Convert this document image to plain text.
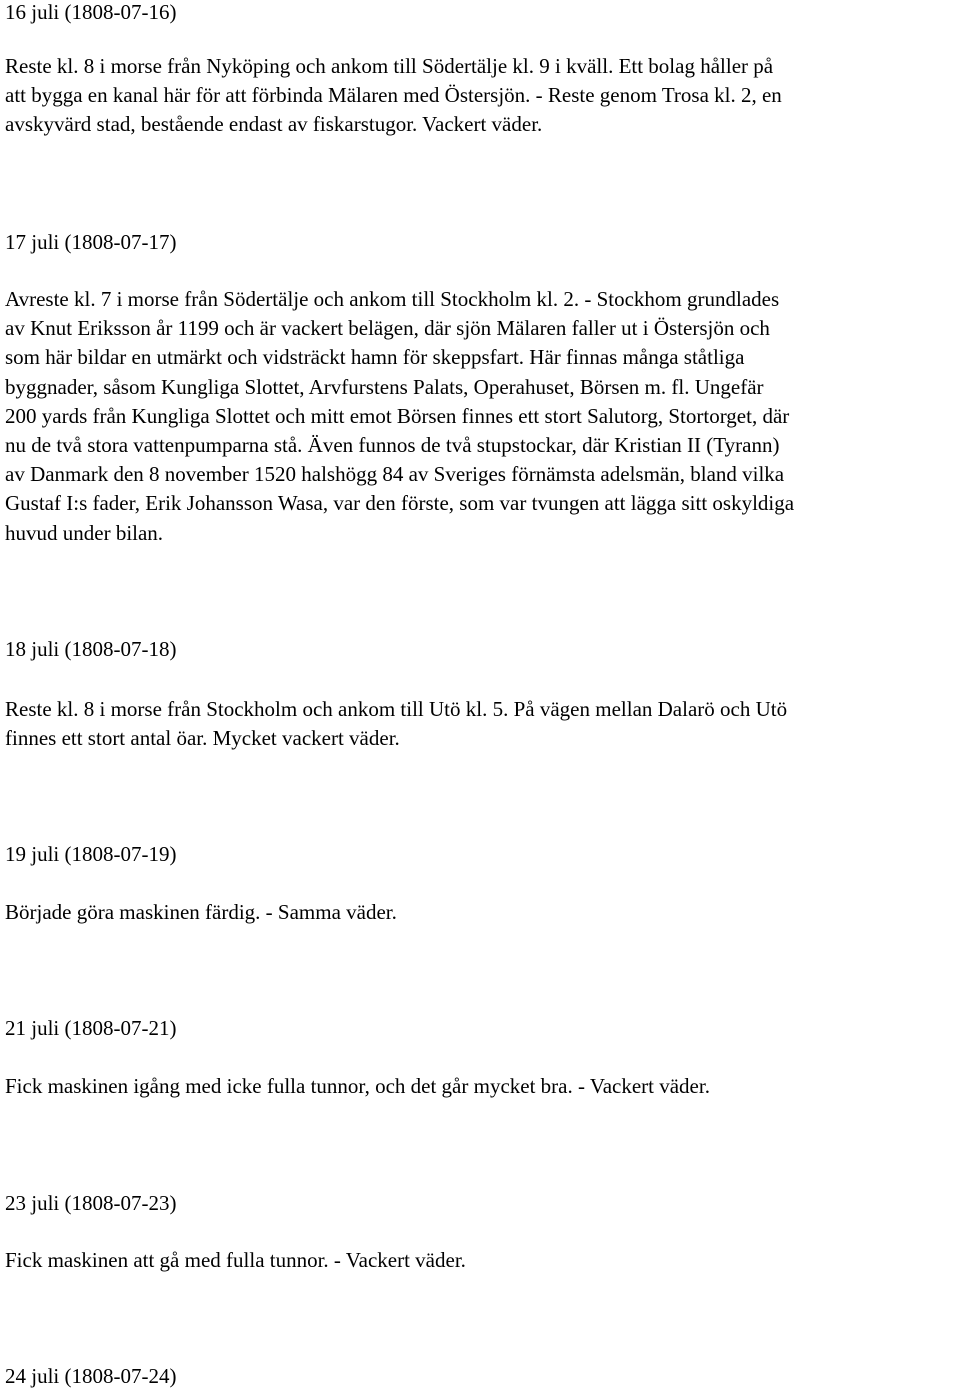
16 juli (1808-07-16)

Reste kl. 8 i morse från Nyköping och ankom till Södertälje kl. 9 i kväll. Ett bolag håller på
att bygga en kanal här för att förbinda Mälaren med Östersjön. - Reste genom Trosa kl. 2, en
avskyvärd stad, bestående endast av fiskarstugor. Vackert väder.

17 juli (1808-07-17)

Avreste kl. 7 i morse från Södertälje och ankom till Stockholm kl. 2. - Stockhom grundlades
av Knut Eriksson år 1199 och är vackert belägen, där sjön Mälaren faller ut i Östersjön och
som här bildar en utmärkt och vidsträckt hamn för skeppsfart. Här finnas många ståtliga
byggnader, såsom Kungliga Slottet, Arvfurstens Palats, Operahuset, Börsen m. fl. Ungefär
200 yards från Kungliga Slottet och mitt emot Börsen finnes ett stort Salutorg, Stortorget, där
nu de två stora vattenpumparna stå. Även funnos de två stupstockar, där Kristian II (Tyrann)
av Danmark den 8 november 1520 halshögg 84 av Sveriges förnämsta adelsmän, bland vilka
Gustaf I:s fader, Erik Johansson Wasa, var den förste, som var tvungen att lägga sitt oskyldiga
huvud under bilan.

18 juli (1808-07-18)

Reste kl. 8 i morse från Stockholm och ankom till Utö kl. 5. På vägen mellan Dalarö och Utö
finnes ett stort antal öar. Mycket vackert väder.

19 juli (1808-07-19)

Började göra maskinen färdig. - Samma väder.

21 juli (1808-07-21)

Fick maskinen igång med icke fulla tunnor, och det går mycket bra. - Vackert väder.

23 juli (1808-07-23)

Fick maskinen att gå med fulla tunnor. - Vackert väder.

24 juli (1808-07-24)
